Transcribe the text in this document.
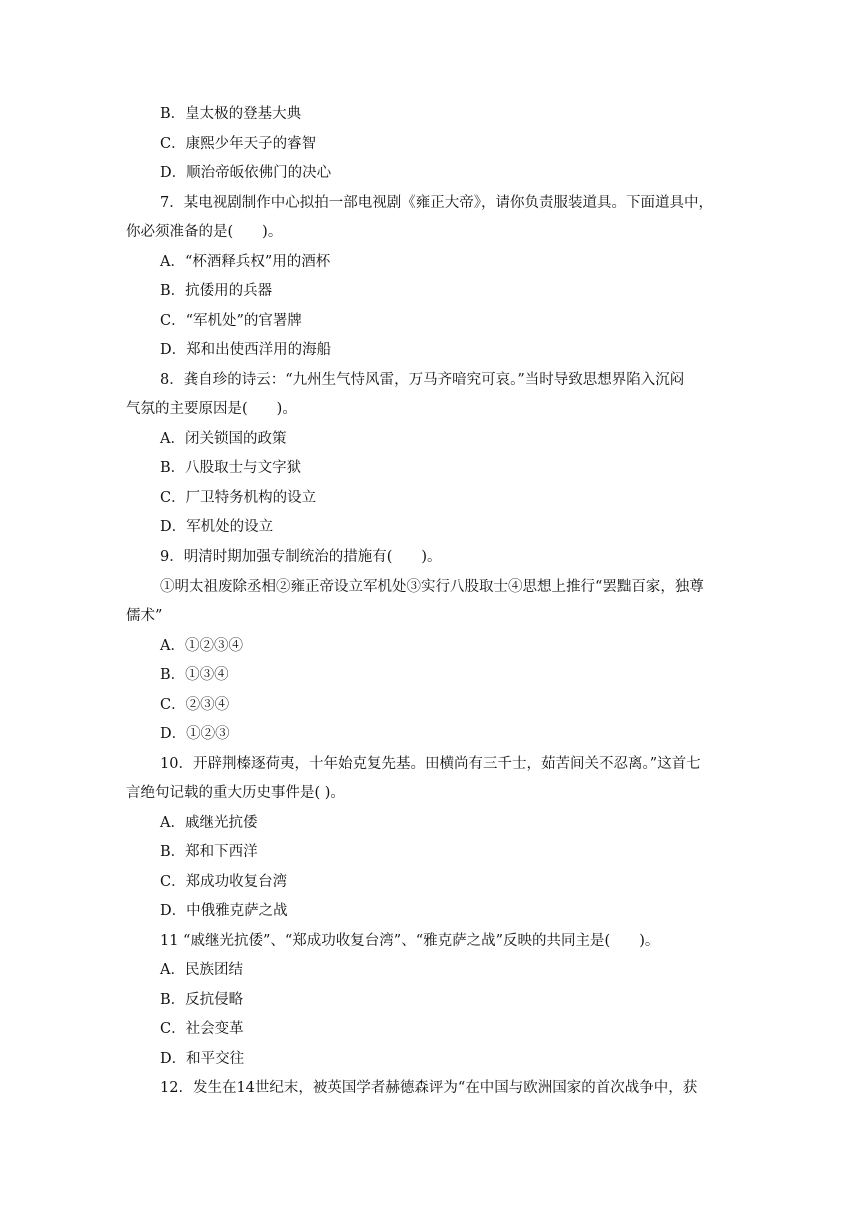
B．皇太极的登基大典
C．康熙少年天子的睿智
D．顺治帝皈依佛门的决心
7．某电视剧制作中心拟拍一部电视剧《雍正大帝》，请你负责服装道具。下面道具中，
你必须准备的是(　　)。
A．“杯酒释兵权”用的酒杯
B．抗倭用的兵器
C．“军机处”的官署牌
D．郑和出使西洋用的海船
8．龚自珍的诗云：“九州生气恃风雷，万马齐喑究可哀。”当时导致思想界陷入沉闷
气氛的主要原因是(　　)。
A．闭关锁国的政策
B．八股取士与文字狱
C．厂卫特务机构的设立
D．军机处的设立
9．明清时期加强专制统治的措施有(　　)。
①明太祖废除丞相②雍正帝设立军机处③实行八股取士④思想上推行“罢黜百家，独尊
儒术”
A．①②③④
B．①③④
C．②③④
D．①②③
10．开辟荆榛逐荷夷，十年始克复先基。田横尚有三千士，茹苦间关不忍离。”这首七
言绝句记载的重大历史事件是( )。
A．戚继光抗倭
B．郑和下西洋
C．郑成功收复台湾
D．中俄雅克萨之战
11 “戚继光抗倭”、“郑成功收复台湾”、“雅克萨之战”反映的共同主是(　　)。
A．民族团结
B．反抗侵略
C．社会变革
D．和平交往
12．发生在14世纪末，被英国学者赫德森评为“在中国与欧洲国家的首次战争中，获
